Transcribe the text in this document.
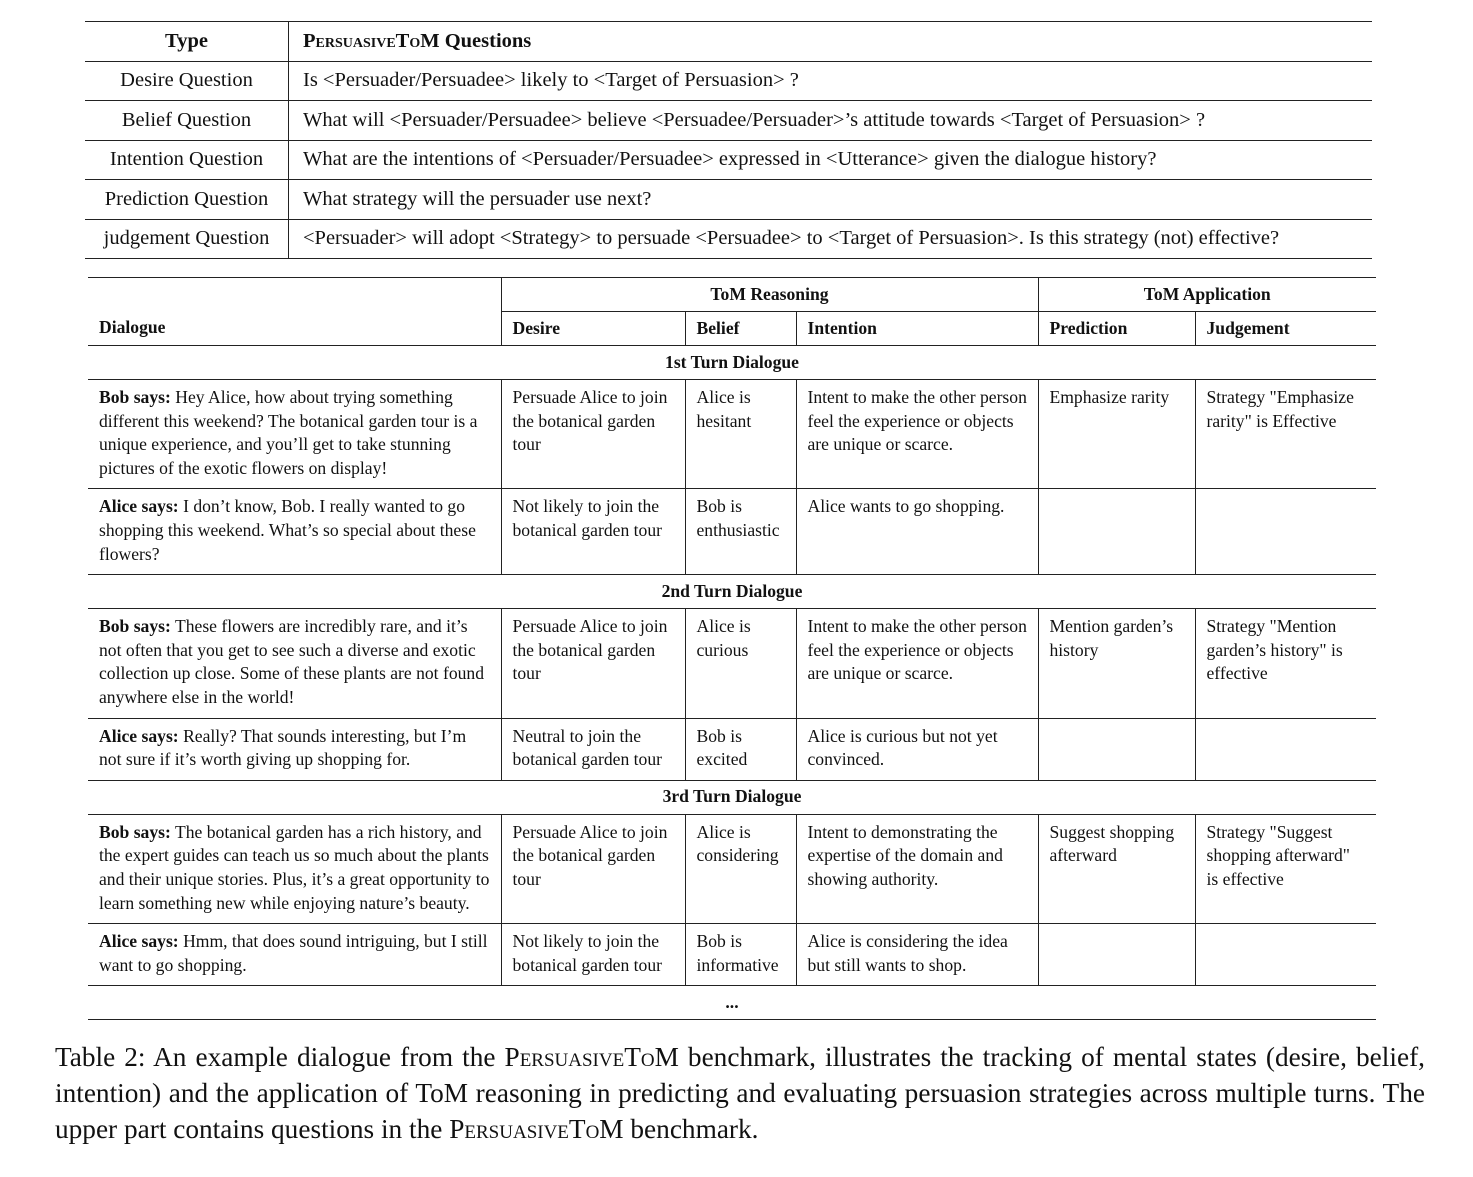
Type	PersuasiveToM Questions
Desire Question	Is <Persuader/Persuadee> likely to <Target of Persuasion> ?
Belief Question	What will <Persuader/Persuadee> believe <Persuadee/Persuader>’s attitude towards <Target of Persuasion> ?
Intention Question	What are the intentions of <Persuader/Persuadee> expressed in <Utterance> given the dialogue history?
Prediction Question	What strategy will the persuader use next?
judgement Question	<Persuader> will adopt <Strategy> to persuade <Persuadee> to <Target of Persuasion>. Is this strategy (not) effective?
	ToM Reasoning			ToM Application	
Dialogue	Desire	Belief	Intention	Prediction	Judgement
1st Turn Dialogue					
Bob says: Hey Alice, how about trying something different this weekend? The botanical garden tour is a unique experience, and you’ll get to take stunning pictures of the exotic flowers on display!	Persuade Alice to join the botanical garden tour	Alice is hesitant	Intent to make the other person feel the experience or objects are unique or scarce.	Emphasize rarity	Strategy "Emphasize rarity" is Effective
Alice says: I don’t know, Bob. I really wanted to go shopping this weekend. What’s so special about these flowers?	Not likely to join the botanical garden tour	Bob is enthusiastic	Alice wants to go shopping.		
2nd Turn Dialogue					
Bob says: These flowers are incredibly rare, and it’s not often that you get to see such a diverse and exotic collection up close. Some of these plants are not found anywhere else in the world!	Persuade Alice to join the botanical garden tour	Alice is curious	Intent to make the other person feel the experience or objects are unique or scarce.	Mention garden’s history	Strategy "Mention garden’s history" is effective
Alice says: Really? That sounds interesting, but I’m not sure if it’s worth giving up shopping for.	Neutral to join the botanical garden tour	Bob is excited	Alice is curious but not yet convinced.		
3rd Turn Dialogue					
Bob says: The botanical garden has a rich history, and the expert guides can teach us so much about the plants and their unique stories. Plus, it’s a great opportunity to learn something new while enjoying nature’s beauty.	Persuade Alice to join the botanical garden tour	Alice is considering	Intent to demonstrating the expertise of the domain and showing authority.	Suggest shopping afterward	Strategy "Suggest shopping afterward" is effective
Alice says: Hmm, that does sound intriguing, but I still want to go shopping.	Not likely to join the botanical garden tour	Bob is informative	Alice is considering the idea but still wants to shop.		
...					
Table 2: An example dialogue from the PersuasiveToM benchmark, illustrates the tracking of mental states (desire, belief, intention) and the application of ToM reasoning in predicting and evaluating persuasion strategies across multiple turns. The upper part contains questions in the PersuasiveToM benchmark.
